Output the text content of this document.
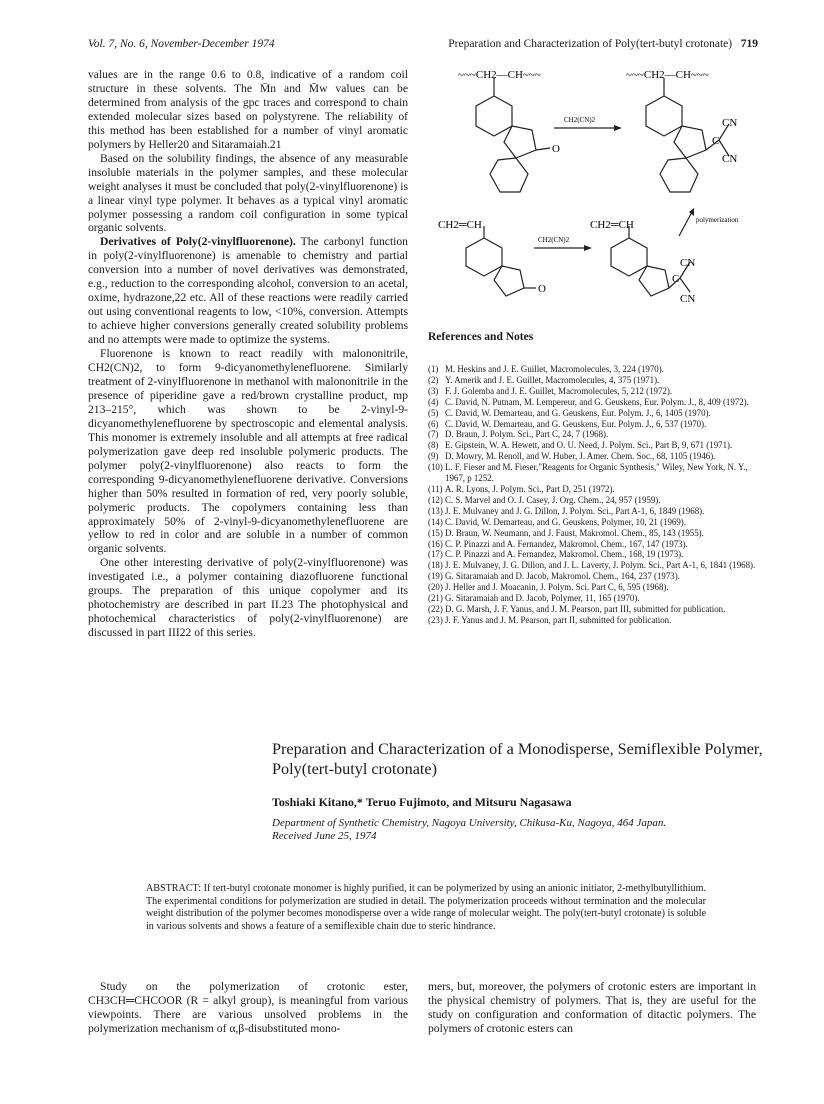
Vol. 7, No. 6, November-December 1974	Preparation and Characterization of Poly(tert-butyl crotonate) 719

values are in the range 0.6 to 0.8, indicative of a random coil structure in these solvents. The M̄n and M̄w values can be determined from analysis of the gpc traces and correspond to chain extended molecular sizes based on polystyrene. The reliability of this method has been established for a number of vinyl aromatic polymers by Heller20 and Sitaramaiah.21

Based on the solubility findings, the absence of any measurable insoluble materials in the polymer samples, and these molecular weight analyses it must be concluded that poly(2-vinylfluorenone) is a linear vinyl type polymer. It behaves as a typical vinyl aromatic polymer possessing a random coil configuration in some typical organic solvents.

Derivatives of Poly(2-vinylfluorenone). The carbonyl function in poly(2-vinylfluorenone) is amenable to chemistry and partial conversion into a number of novel derivatives was demonstrated, e.g., reduction to the corresponding alcohol, conversion to an acetal, oxime, hydrazone,22 etc. All of these reactions were readily carried out using conventional reagents to low, <10%, conversion. Attempts to achieve higher conversions generally created solubility problems and no attempts were made to optimize the systems.

Fluorenone is known to react readily with malononitrile, CH2(CN)2, to form 9-dicyanomethylenefluorene. Similarly treatment of 2-vinylfluorenone in methanol with malononitrile in the presence of piperidine gave a red/brown crystalline product, mp 213–215°, which was shown to be 2-vinyl-9-dicyanomethylenefluorene by spectroscopic and elemental analysis. This monomer is extremely insoluble and all attempts at free radical polymerization gave deep red insoluble polymeric products. The polymer poly(2-vinylfluorenone) also reacts to form the corresponding 9-dicyanomethylenefluorene derivative. Conversions higher than 50% resulted in formation of red, very poorly soluble, polymeric products. The copolymers containing less than approximately 50% of 2-vinyl-9-dicyanomethylenefluorene are yellow to red in color and are soluble in a number of common organic solvents.

One other interesting derivative of poly(2-vinylfluorenone) was investigated i.e., a polymer containing diazofluorene functional groups. The preparation of this unique copolymer and its photochemistry are described in part II.23 The photophysical and photochemical characteristics of poly(2-vinylfluorenone) are discussed in part III22 of this series.

~~~CH2—CH~~~	~~~CH2—CH~~~
O
CN
CN
C
CH2═CH	CH2═CH
O
CN
CN
C
CH2(CN)2
CH2(CN)2
polymerization
References and Notes
(1) M. Heskins and J. E. Guillet, Macromolecules, 3, 224 (1970).
(2) Y. Amerik and J. E. Guillet, Macromolecules, 4, 375 (1971).
(3) F. J. Golemba and J. E. Guillet, Macromolecules, 5, 212 (1972).
(4) C. David, N. Putnam, M. Lempereur, and G. Geuskens, Eur. Polym. J., 8, 409 (1972).
(5) C. David, W. Demarteau, and G. Geuskens, Eur. Polym. J., 6, 1405 (1970).
(6) C. David, W. Demarteau, and G. Geuskens, Eur. Polym. J., 6, 537 (1970).
(7) D. Braun, J. Polym. Sci., Part C, 24, 7 (1968).
(8) E. Gipstein, W. A. Hewett, and O. U. Need, J. Polym. Sci., Part B, 9, 671 (1971).
(9) D. Mowry, M. Renoll, and W. Huber, J. Amer. Chem. Soc., 68, 1105 (1946).
(10) L. F. Fieser and M. Fieser,"Reagents for Organic Synthesis," Wiley, New York, N. Y., 1967, p 1252.
(11) A. R. Lyons, J. Polym. Sci., Part D, 251 (1972).
(12) C. S. Marvel and O. J. Casey, J. Org. Chem., 24, 957 (1959).
(13) J. E. Mulvaney and J. G. Dillon, J. Polym. Sci., Part A-1, 6, 1849 (1968).
(14) C. David, W. Demarteau, and G. Geuskens, Polymer, 10, 21 (1969).
(15) D. Braun, W. Neumann, and J. Faust, Makromol. Chem., 85, 143 (1955).
(16) C. P. Pinazzi and A. Fernandez, Makromol. Chem., 167, 147 (1973).
(17) C. P. Pinazzi and A. Fernandez, Makromol. Chem., 168, 19 (1973).
(18) J. E. Mulvaney, J. G. Dillon, and J. L. Laverty, J. Polym. Sci., Part A-1, 6, 1841 (1968).
(19) G. Sitaramaiah and D. Jacob, Makromol. Chem., 164, 237 (1973).
(20) J. Heller and J. Moacanin, J. Polym. Sci. Part C, 6, 595 (1968).
(21) G. Sitaramaiah and D. Jacob, Polymer, 11, 165 (1970).
(22) D. G. Marsh, J. F. Yanus, and J. M. Pearson, part III, submitted for publication.
(23) J. F. Yanus and J. M. Pearson, part II, submitted for publication.
Preparation and Characterization of a Monodisperse, Semiflexible Polymer, Poly(tert-butyl crotonate)
Toshiaki Kitano,* Teruo Fujimoto, and Mitsuru Nagasawa
Department of Synthetic Chemistry, Nagoya University, Chikusa-Ku, Nagoya, 464 Japan.
Received June 25, 1974
ABSTRACT: If tert-butyl crotonate monomer is highly purified, it can be polymerized by using an anionic initiator, 2-methylbutyllithium. The experimental conditions for polymerization are studied in detail. The polymerization proceeds without termination and the molecular weight distribution of the polymer becomes monodisperse over a wide range of molecular weight. The poly(tert-butyl crotonate) is soluble in various solvents and shows a feature of a semiflexible chain due to steric hindrance.

Study on the polymerization of crotonic ester, CH3CH═CHCOOR (R = alkyl group), is meaningful from various viewpoints. There are various unsolved problems in the polymerization mechanism of α,β-disubstituted mono-

mers, but, moreover, the polymers of crotonic esters are important in the physical chemistry of polymers. That is, they are useful for the study on configuration and conformation of ditactic polymers. The polymers of crotonic esters can
